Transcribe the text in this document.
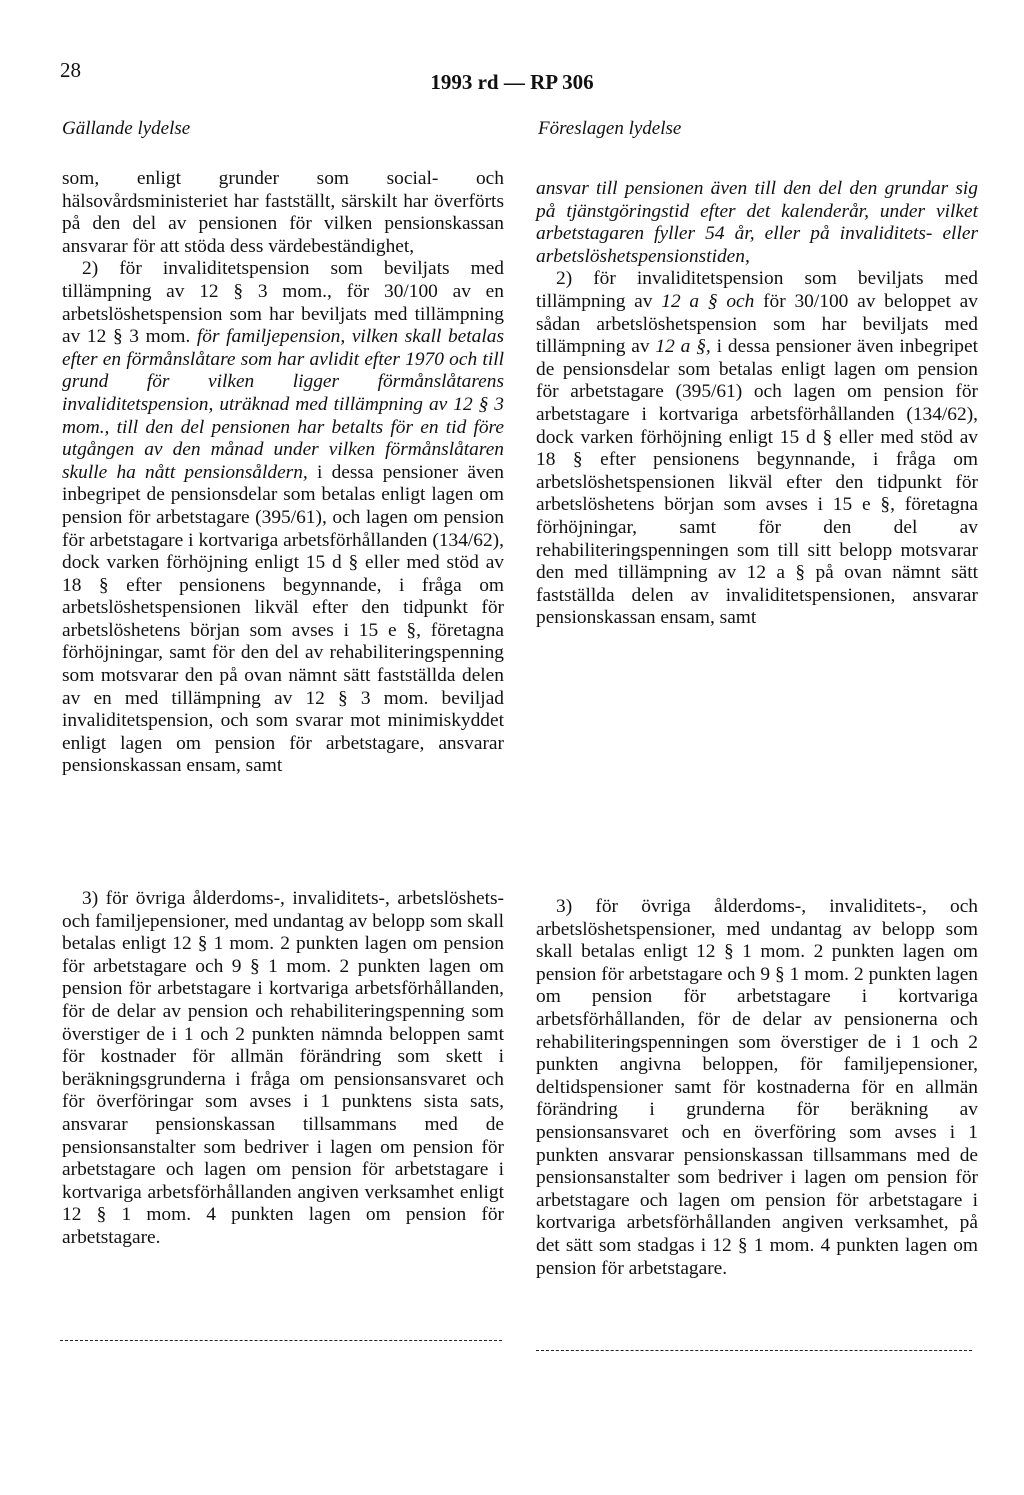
28	1993 rd — RP 306
Gällande lydelse	Föreslagen lydelse

som, enligt grunder som social- och hälsovårdsministeriet har fastställt, särskilt har överförts på den del av pensionen för vilken pensionskassan ansvarar för att stöda dess värdebeständighet,

2) för invaliditetspension som beviljats med tillämpning av 12 § 3 mom., för 30/100 av en arbetslöshetspension som har beviljats med tillämpning av 12 § 3 mom. för familjepension, vilken skall betalas efter en förmånslåtare som har avlidit efter 1970 och till grund för vilken ligger förmånslåtarens invaliditetspension, uträknad med tillämpning av 12 § 3 mom., till den del pensionen har betalts för en tid före utgången av den månad under vilken förmånslåtaren skulle ha nått pensionsåldern, i dessa pensioner även inbegripet de pensionsdelar som betalas enligt lagen om pension för arbetstagare (395/61), och lagen om pension för arbetstagare i kortvariga arbetsförhållanden (134/62), dock varken förhöjning enligt 15 d § eller med stöd av 18 § efter pensionens begynnande, i fråga om arbetslöshetspensionen likväl efter den tidpunkt för arbetslöshetens början som avses i 15 e §, företagna förhöjningar, samt för den del av rehabiliteringspenning som motsvarar den på ovan nämnt sätt fastställda delen av en med tillämpning av 12 § 3 mom. beviljad invaliditetspension, och som svarar mot minimiskyddet enligt lagen om pension för arbetstagare, ansvarar pensionskassan ensam, samt

3) för övriga ålderdoms-, invaliditets-, arbetslöshets- och familjepensioner, med undantag av belopp som skall betalas enligt 12 § 1 mom. 2 punkten lagen om pension för arbetstagare och 9 § 1 mom. 2 punkten lagen om pension för arbetstagare i kortvariga arbetsförhållanden, för de delar av pension och rehabiliteringspenning som överstiger de i 1 och 2 punkten nämnda beloppen samt för kostnader för allmän förändring som skett i beräkningsgrunderna i fråga om pensionsansvaret och för överföringar som avses i 1 punktens sista sats, ansvarar pensionskassan tillsammans med de pensionsanstalter som bedriver i lagen om pension för arbetstagare och lagen om pension för arbetstagare i kortvariga arbetsförhållanden angiven verksamhet enligt 12 § 1 mom. 4 punkten lagen om pension för arbetstagare.

ansvar till pensionen även till den del den grundar sig på tjänstgöringstid efter det kalenderår, under vilket arbetstagaren fyller 54 år, eller på invaliditets- eller arbetslöshetspensionstiden,

2) för invaliditetspension som beviljats med tillämpning av 12 a § och för 30/100 av beloppet av sådan arbetslöshetspension som har beviljats med tillämpning av 12 a §, i dessa pensioner även inbegripet de pensionsdelar som betalas enligt lagen om pension för arbetstagare (395/61) och lagen om pension för arbetstagare i kortvariga arbetsförhållanden (134/62), dock varken förhöjning enligt 15 d § eller med stöd av 18 § efter pensionens begynnande, i fråga om arbetslöshetspensionen likväl efter den tidpunkt för arbetslöshetens början som avses i 15 e §, företagna förhöjningar, samt för den del av rehabiliteringspenningen som till sitt belopp motsvarar den med tillämpning av 12 a § på ovan nämnt sätt fastställda delen av invaliditetspensionen, ansvarar pensionskassan ensam, samt

3) för övriga ålderdoms-, invaliditets-, och arbetslöshetspensioner, med undantag av belopp som skall betalas enligt 12 § 1 mom. 2 punkten lagen om pension för arbetstagare och 9 § 1 mom. 2 punkten lagen om pension för arbetstagare i kortvariga arbetsförhållanden, för de delar av pensionerna och rehabiliteringspenningen som överstiger de i 1 och 2 punkten angivna beloppen, för familjepensioner, deltidspensioner samt för kostnaderna för en allmän förändring i grunderna för beräkning av pensionsansvaret och en överföring som avses i 1 punkten ansvarar pensionskassan tillsammans med de pensionsanstalter som bedriver i lagen om pension för arbetstagare och lagen om pension för arbetstagare i kortvariga arbetsförhållanden angiven verksamhet, på det sätt som stadgas i 12 § 1 mom. 4 punkten lagen om pension för arbetstagare.
